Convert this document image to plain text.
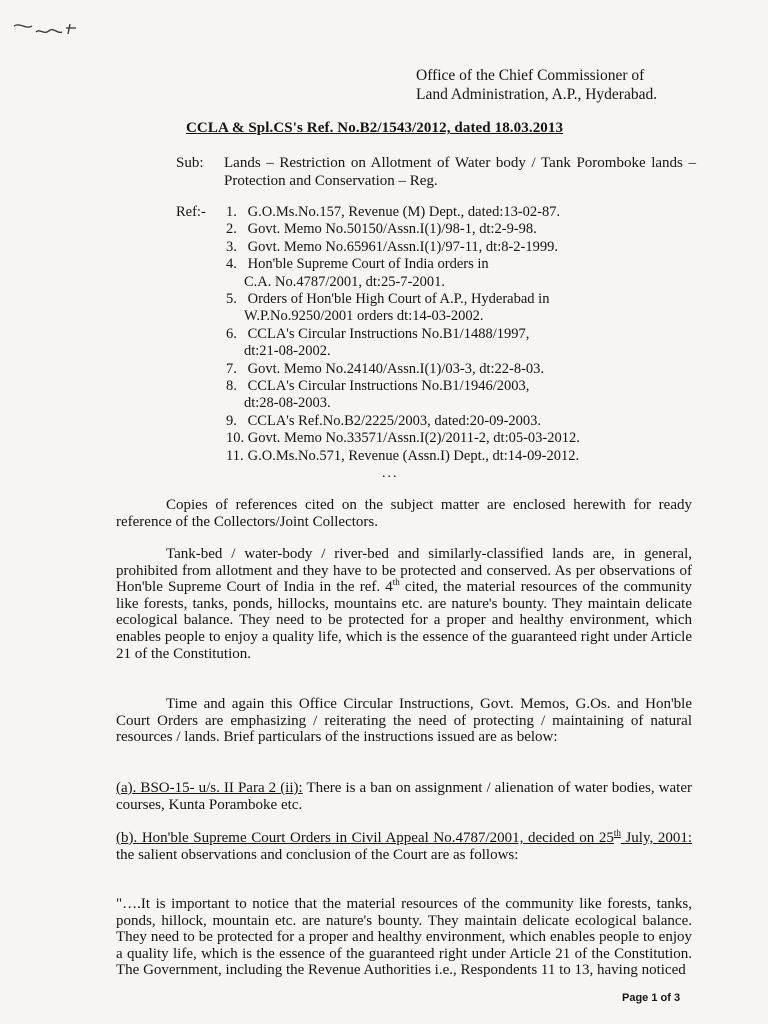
Office of the Chief Commissioner of
Land Administration, A.P., Hyderabad.
CCLA & Spl.CS's Ref. No.B2/1543/2012, dated 18.03.2013
Sub:	Lands – Restriction on Allotment of Water body / Tank Poromboke lands – Protection and Conservation – Reg.
Ref:-	1. G.O.Ms.No.157, Revenue (M) Dept., dated:13-02-87.
2. Govt. Memo No.50150/Assn.I(1)/98-1, dt:2-9-98.
3. Govt. Memo No.65961/Assn.I(1)/97-11, dt:8-2-1999.
4. Hon'ble Supreme Court of India orders in
C.A. No.4787/2001, dt:25-7-2001.
5. Orders of Hon'ble High Court of A.P., Hyderabad in
W.P.No.9250/2001 orders dt:14-03-2002.
6. CCLA's Circular Instructions No.B1/1488/1997,
dt:21-08-2002.
7. Govt. Memo No.24140/Assn.I(1)/03-3, dt:22-8-03.
8. CCLA's Circular Instructions No.B1/1946/2003,
dt:28-08-2003.
9. CCLA's Ref.No.B2/2225/2003, dated:20-09-2003.
10. Govt. Memo No.33571/Assn.I(2)/2011-2, dt:05-03-2012.
11. G.O.Ms.No.571, Revenue (Assn.I) Dept., dt:14-09-2012.
...

Copies of references cited on the subject matter are enclosed herewith for ready reference of the Collectors/Joint Collectors.

Tank-bed / water-body / river-bed and similarly-classified lands are, in general, prohibited from allotment and they have to be protected and conserved. As per observations of Hon'ble Supreme Court of India in the ref. 4th cited, the material resources of the community like forests, tanks, ponds, hillocks, mountains etc. are nature's bounty. They maintain delicate ecological balance. They need to be protected for a proper and healthy environment, which enables people to enjoy a quality life, which is the essence of the guaranteed right under Article 21 of the Constitution.

Time and again this Office Circular Instructions, Govt. Memos, G.Os. and Hon'ble Court Orders are emphasizing / reiterating the need of protecting / maintaining of natural resources / lands. Brief particulars of the instructions issued are as below:

(a). BSO-15- u/s. II Para 2 (ii): There is a ban on assignment / alienation of water bodies, water courses, Kunta Poramboke etc.

(b). Hon'ble Supreme Court Orders in Civil Appeal No.4787/2001, decided on 25th July, 2001: the salient observations and conclusion of the Court are as follows:

"….It is important to notice that the material resources of the community like forests, tanks, ponds, hillock, mountain etc. are nature's bounty. They maintain delicate ecological balance. They need to be protected for a proper and healthy environment, which enables people to enjoy a quality life, which is the essence of the guaranteed right under Article 21 of the Constitution. The Government, including the Revenue Authorities i.e., Respondents 11 to 13, having noticed

Page 1 of 3
